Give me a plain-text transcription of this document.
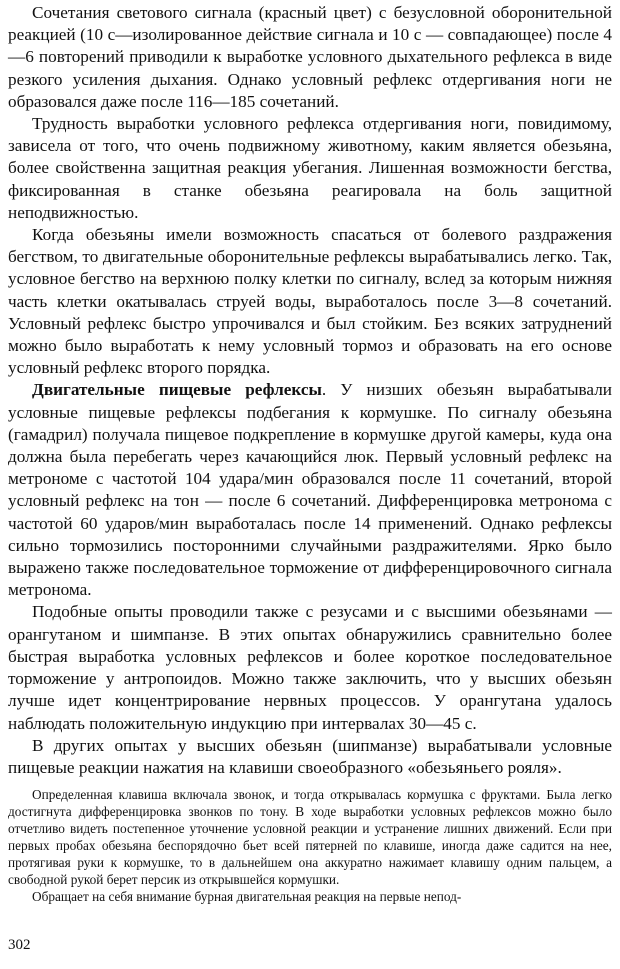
Сочетания светового сигнала (красный цвет) с безусловной оборонительной реакцией (10 с—изолированное действие сигнала и 10 с — совпадающее) после 4—6 повторений приводили к выработке условного дыхательного рефлекса в виде резкого усиления дыхания. Однако условный рефлекс отдергивания ноги не образовался даже после 116—185 сочетаний.

Трудность выработки условного рефлекса отдергивания ноги, повидимому, зависела от того, что очень подвижному животному, каким является обезьяна, более свойственна защитная реакция убегания. Лишенная возможности бегства, фиксированная в станке обезьяна реагировала на боль защитной неподвижностью.

Когда обезьяны имели возможность спасаться от болевого раздражения бегством, то двигательные оборонительные рефлексы вырабатывались легко. Так, условное бегство на верхнюю полку клетки по сигналу, вслед за которым нижняя часть клетки окатывалась струей воды, выработалось после 3—8 сочетаний. Условный рефлекс быстро упрочивался и был стойким. Без всяких затруднений можно было выработать к нему условный тормоз и образовать на его основе условный рефлекс второго порядка.

Двигательные пищевые рефлексы. У низших обезьян вырабатывали условные пищевые рефлексы подбегания к кормушке. По сигналу обезьяна (гамадрил) получала пищевое подкрепление в кормушке другой камеры, куда она должна была перебегать через качающийся люк. Первый условный рефлекс на метрономе с частотой 104 удара/мин образовался после 11 сочетаний, второй условный рефлекс на тон — после 6 сочетаний. Дифференцировка метронома с частотой 60 ударов/мин выработалась после 14 применений. Однако рефлексы сильно тормозились посторонними случайными раздражителями. Ярко было выражено также последовательное торможение от дифференцировочного сигнала метронома.

Подобные опыты проводили также с резусами и с высшими обезьянами — орангутаном и шимпанзе. В этих опытах обнаружились сравнительно более быстрая выработка условных рефлексов и более короткое последовательное торможение у антропоидов. Можно также заключить, что у высших обезьян лучше идет концентрирование нервных процессов. У орангутана удалось наблюдать положительную индукцию при интервалах 30—45 с.

В других опытах у высших обезьян (шипманзе) вырабатывали условные пищевые реакции нажатия на клавиши своеобразного «обезьяньего рояля».

Определенная клавиша включала звонок, и тогда открывалась кормушка с фруктами. Была легко достигнута дифференцировка звонков по тону. В ходе выработки условных рефлексов можно было отчетливо видеть постепенное уточнение условной реакции и устранение лишних движений. Если при первых пробах обезьяна беспорядочно бьет всей пятерней по клавише, иногда даже садится на нее, протягивая руки к кормушке, то в дальнейшем она аккуратно нажимает клавишу одним пальцем, а свободной рукой берет персик из открывшейся кормушки.

Обращает на себя внимание бурная двигательная реакция на первые непод-

302
